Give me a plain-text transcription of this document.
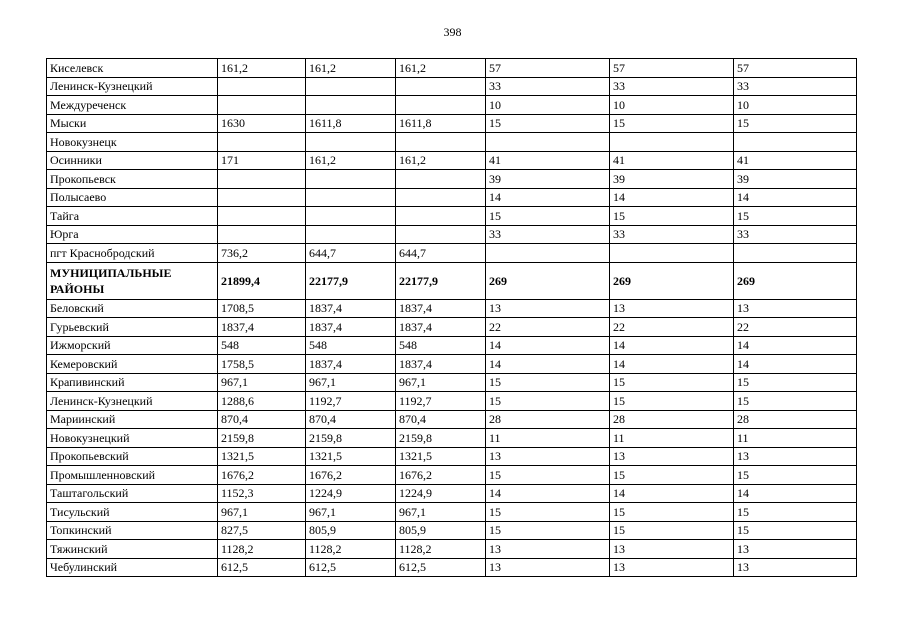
398
Киселевск	161,2	161,2	161,2	57	57	57
Ленинск-Кузнецкий				33	33	33
Междуреченск				10	10	10
Мыски	1630	1611,8	1611,8	15	15	15
Новокузнецк						
Осинники	171	161,2	161,2	41	41	41
Прокопьевск				39	39	39
Полысаево				14	14	14
Тайга				15	15	15
Юрга				33	33	33
пгт Краснобродский	736,2	644,7	644,7			
МУНИЦИПАЛЬНЫЕ РАЙОНЫ	21899,4	22177,9	22177,9	269	269	269
Беловский	1708,5	1837,4	1837,4	13	13	13
Гурьевский	1837,4	1837,4	1837,4	22	22	22
Ижморский	548	548	548	14	14	14
Кемеровский	1758,5	1837,4	1837,4	14	14	14
Крапивинский	967,1	967,1	967,1	15	15	15
Ленинск-Кузнецкий	1288,6	1192,7	1192,7	15	15	15
Мариинский	870,4	870,4	870,4	28	28	28
Новокузнецкий	2159,8	2159,8	2159,8	11	11	11
Прокопьевский	1321,5	1321,5	1321,5	13	13	13
Промышленновский	1676,2	1676,2	1676,2	15	15	15
Таштагольский	1152,3	1224,9	1224,9	14	14	14
Тисульский	967,1	967,1	967,1	15	15	15
Топкинский	827,5	805,9	805,9	15	15	15
Тяжинский	1128,2	1128,2	1128,2	13	13	13
Чебулинский	612,5	612,5	612,5	13	13	13
